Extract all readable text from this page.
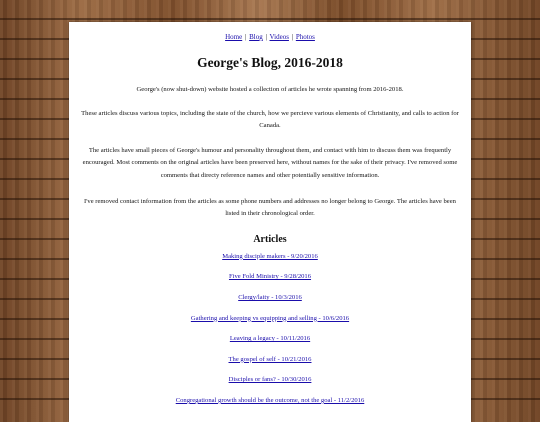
Home | Blog | Videos | Photos
George's Blog, 2016-2018

George's (now shut-down) website hosted a collection of articles he wrote spanning from 2016-2018.

These articles discuss various topics, including the state of the church, how we percieve various elements of Christianity, and calls to action for Canada.

The articles have small pieces of George's humour and personality throughout them, and contact with him to discuss them was frequently encouraged. Most comments on the original articles have been preserved here, without names for the sake of their privacy. I've removed some comments that directy reference names and other potentially sensitive information.

I've removed contact information from the articles as some phone numbers and addresses no longer belong to George. The articles have been listed in their chronological order.

Articles
Making disciple makers - 9/20/2016
Five Fold Ministry - 9/28/2016
Clergy/laity - 10/3/2016
Gathering and keeping vs equipping and selling - 10/6/2016
Leaving a legacy - 10/11/2016
The gospel of self - 10/21/2016
Disciples or fans? - 10/30/2016
Congregational growth should be the outcome, not the goal - 11/2/2016
